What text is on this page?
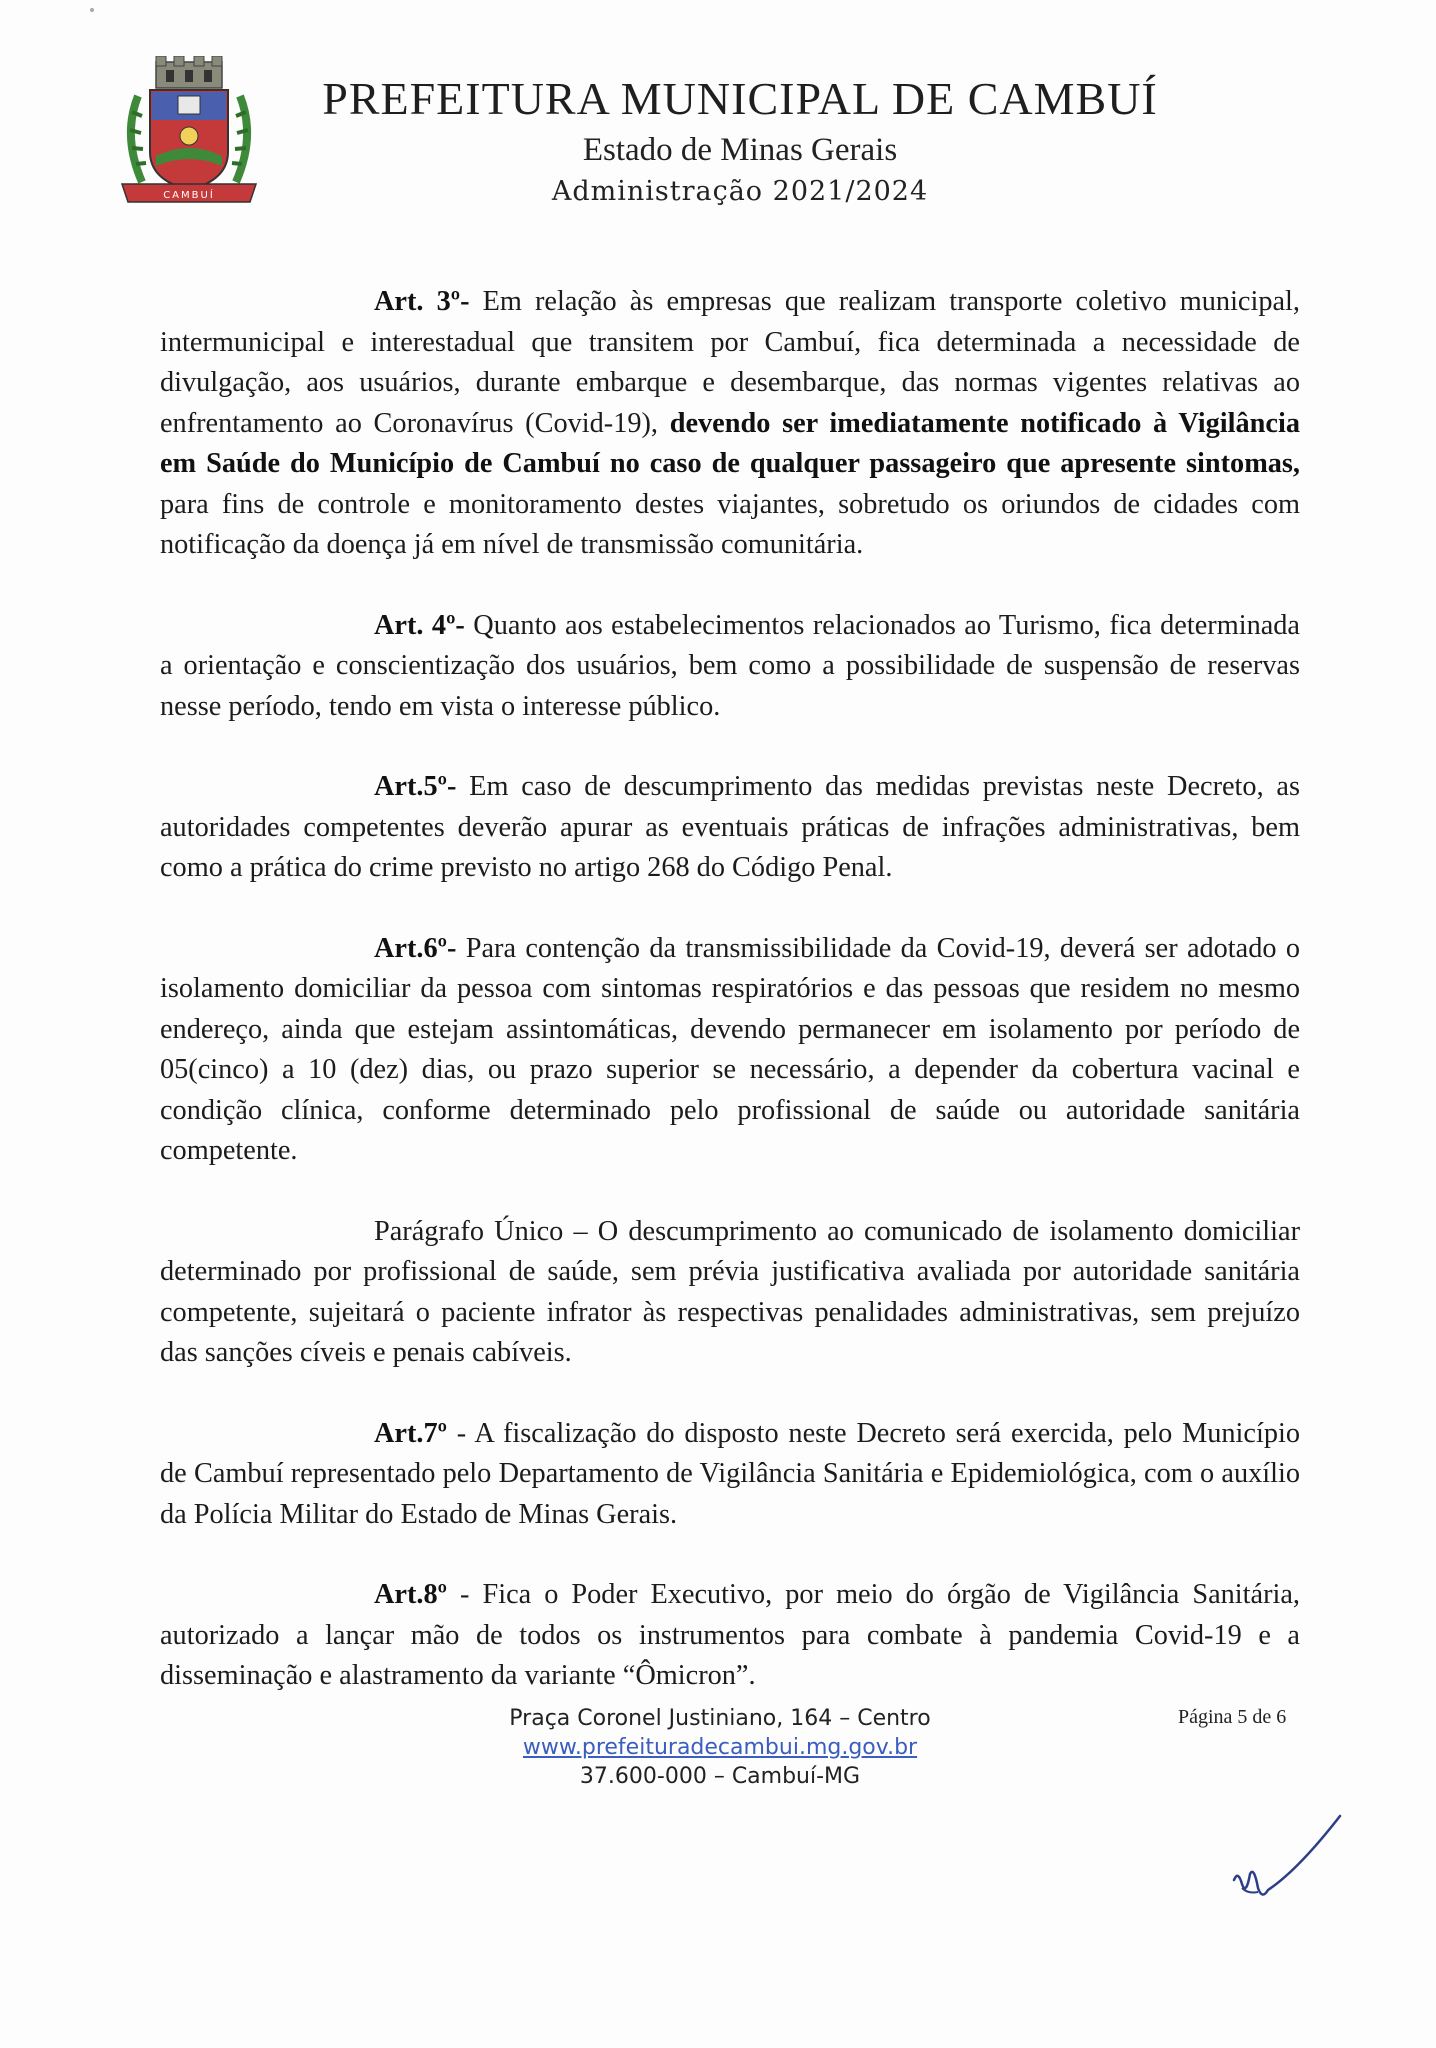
CAMBUÍ
PREFEITURA MUNICIPAL DE CAMBUÍ
Estado de Minas Gerais
Administração 2021/2024

Art. 3º- Em relação às empresas que realizam transporte coletivo municipal, intermunicipal e interestadual que transitem por Cambuí, fica determinada a necessidade de divulgação, aos usuários, durante embarque e desembarque, das normas vigentes relativas ao enfrentamento ao Coronavírus (Covid-19), devendo ser imediatamente notificado à Vigilância em Saúde do Município de Cambuí no caso de qualquer passageiro que apresente sintomas, para fins de controle e monitoramento destes viajantes, sobretudo os oriundos de cidades com notificação da doença já em nível de transmissão comunitária.

Art. 4º- Quanto aos estabelecimentos relacionados ao Turismo, fica determinada a orientação e conscientização dos usuários, bem como a possibilidade de suspensão de reservas nesse período, tendo em vista o interesse público.

Art.5º- Em caso de descumprimento das medidas previstas neste Decreto, as autoridades competentes deverão apurar as eventuais práticas de infrações administrativas, bem como a prática do crime previsto no artigo 268 do Código Penal.

Art.6º- Para contenção da transmissibilidade da Covid-19, deverá ser adotado o isolamento domiciliar da pessoa com sintomas respiratórios e das pessoas que residem no mesmo endereço, ainda que estejam assintomáticas, devendo permanecer em isolamento por período de 05(cinco) a 10 (dez) dias, ou prazo superior se necessário, a depender da cobertura vacinal e condição clínica, conforme determinado pelo profissional de saúde ou autoridade sanitária competente.

Parágrafo Único – O descumprimento ao comunicado de isolamento domiciliar determinado por profissional de saúde, sem prévia justificativa avaliada por autoridade sanitária competente, sujeitará o paciente infrator às respectivas penalidades administrativas, sem prejuízo das sanções cíveis e penais cabíveis.

Art.7º - A fiscalização do disposto neste Decreto será exercida, pelo Município de Cambuí representado pelo Departamento de Vigilância Sanitária e Epidemiológica, com o auxílio da Polícia Militar do Estado de Minas Gerais.

Art.8º - Fica o Poder Executivo, por meio do órgão de Vigilância Sanitária, autorizado a lançar mão de todos os instrumentos para combate à pandemia Covid-19 e a disseminação e alastramento da variante “Ômicron”.

Praça Coronel Justiniano, 164 – Centro
www.prefeituradecambui.mg.gov.br
37.600-000 – Cambuí-MG
Página 5 de 6
